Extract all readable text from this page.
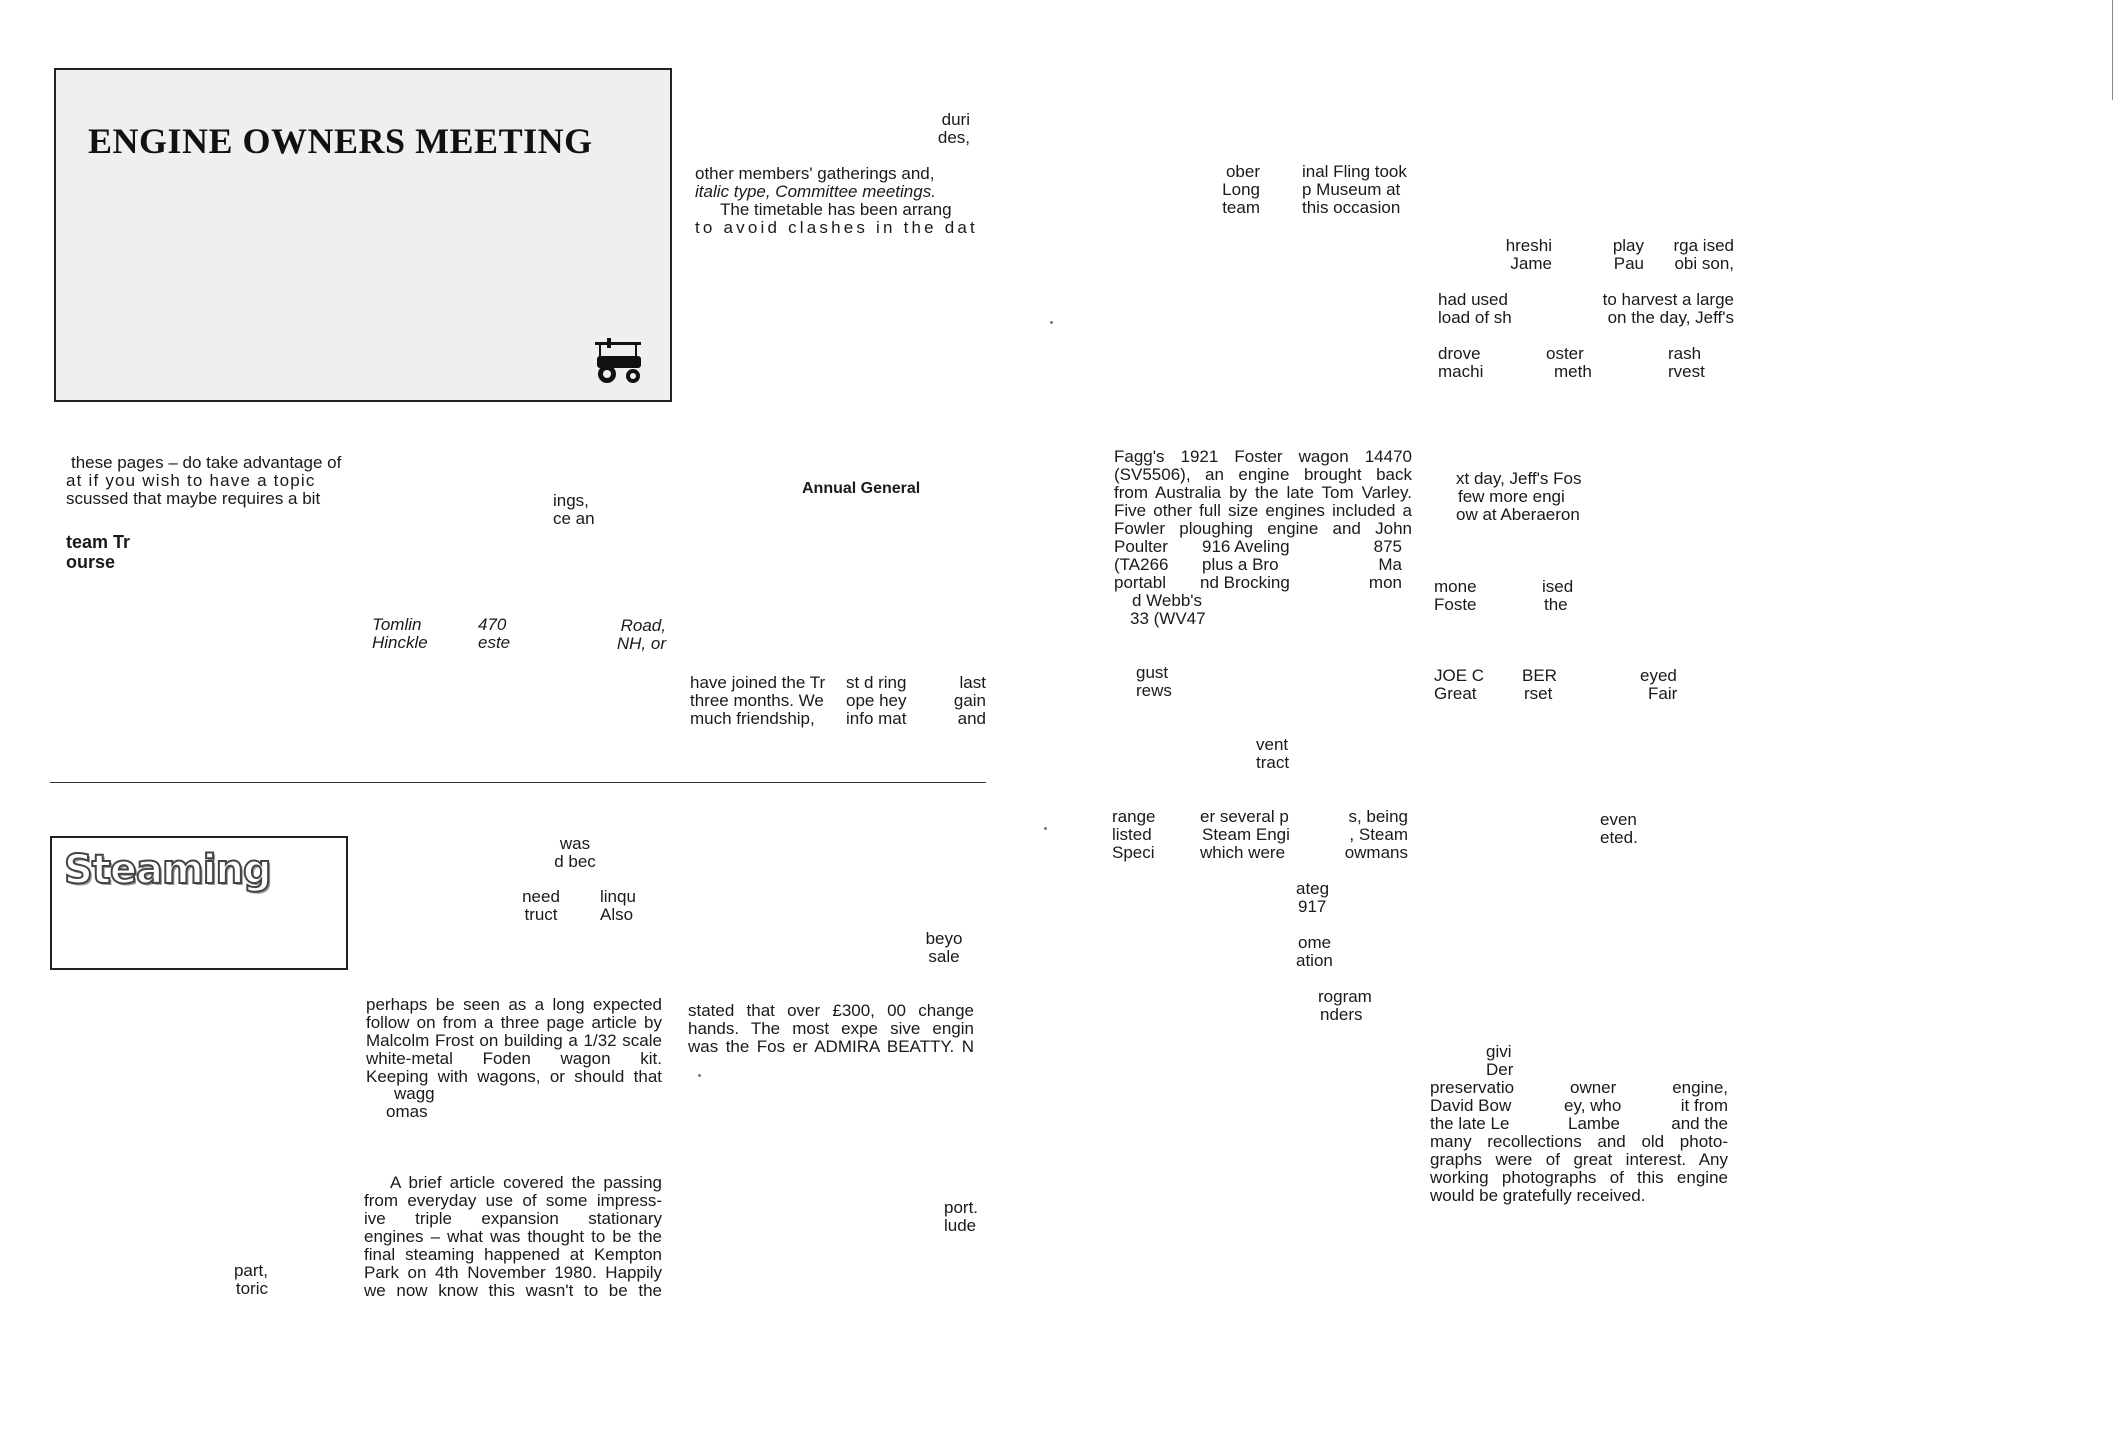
ENGINE OWNERS MEETING
duri
des,
other members' gatherings and,
italic type, Committee meetings.
The timetable has been arrang
to avoid clashes in the dat
these pages – do take advantage of
at if you wish to have a topic
scussed that maybe requires a bit
team Tr
ourse
ings,
ce an
Annual General
Tomlin
Hinckle
470
este
Road,
NH, or
have joined the Tr
three months. We
much friendship,
st d ring
ope hey
info mat
last
gain
and
Steaming
was
d bec
need
truct
linqu
Also
beyo
sale
perhaps be seen as a long expected
follow on from a three page article by
Malcolm Frost on building a 1/32 scale
white-metal Foden wagon kit.
Keeping with wagons, or should that
wagg
omas
stated that over £300, 00 change
hands. The most expe sive engin
was the Fos er ADMIRA BEATTY. N
A brief article covered the passing
from everyday use of some impress-
ive triple expansion stationary
engines – what was thought to be the
final steaming happened at Kempton
Park on 4th November 1980. Happily
we now know this wasn't to be the
part,
toric
port.
lude
ober
Long
team
inal Fling took
p Museum at
this occasion
hreshi
Jame
play
Pau
rga ised
obi son,
had used
load of sh
to harvest a large
on the day, Jeff's
drove
machi
oster
meth
rash
rvest
Fagg's 1921 Foster wagon 14470
(SV5506), an engine brought back
from Australia by the late Tom Varley.
Five other full size engines included a
Fowler ploughing engine and John
Poulter
(TA266
portabl
916 Aveling
plus a Bro
nd Brocking
875
Ma
mon
d Webb's
33 (WV47
xt day, Jeff's Fos
few more engi
ow at Aberaeron
mone
Foste
ised
the
gust
rews
JOE C
Great
BER
rset
eyed
Fair
vent
tract
range
listed
Speci
er several p
Steam Engi
which were
s, being
, Steam
owmans
even
eted.
ateg
917
ome
ation
rogram
nders
givi
Der
preservatio
David Bow
the late Le
owner
ey, who
Lambe
engine,
it from
and the
many recollections and old photo-
graphs were of great interest. Any
working photographs of this engine
would be gratefully received.
